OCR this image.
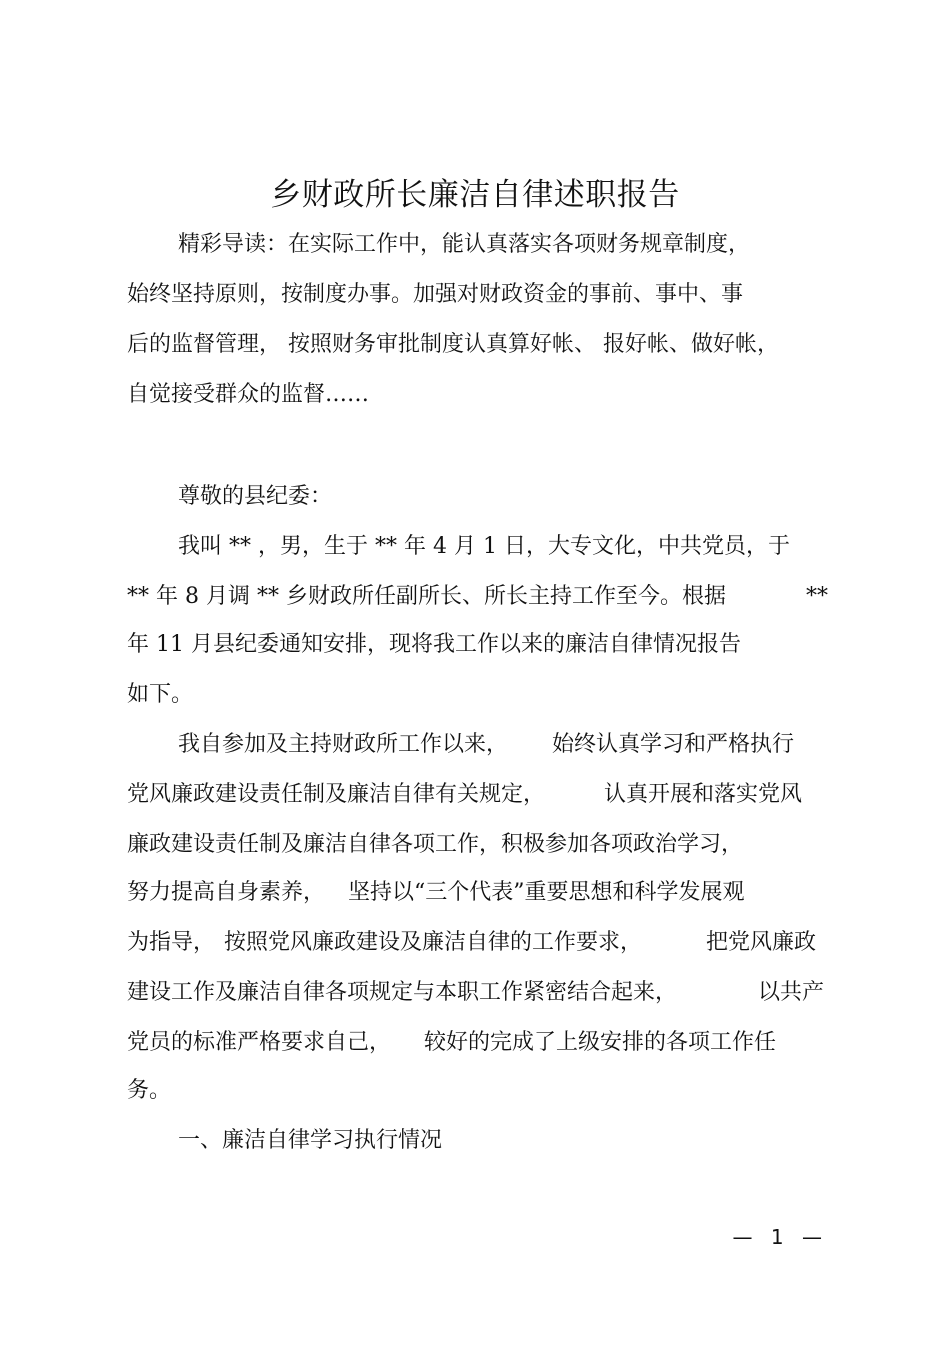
乡财政所长廉洁自律述职报告
精彩导读：在实际工作中，能认真落实各项财务规章制度，
始终坚持原则，按制度办事。加强对财政资金的事前、事中、事
后的监督管理， 按照财务审批制度认真算好帐、 报好帐、做好帐，
自觉接受群众的监督……
尊敬的县纪委：
我叫 ** ，男，生于 ** 年 4 月 1 日，大专文化，中共党员，于
** 年 8 月调 ** 乡财政所任副所长、所长主持工作至今。根据	**
年 11 月县纪委通知安排，现将我工作以来的廉洁自律情况报告
如下。
我自参加及主持财政所工作以来， 始终认真学习和严格执行
党风廉政建设责任制及廉洁自律有关规定，	认真开展和落实党风
廉政建设责任制及廉洁自律各项工作，积极参加各项政治学习，
努力提高自身素养， 坚持以“三个代表”重要思想和科学发展观
为指导， 按照党风廉政建设及廉洁自律的工作要求，	把党风廉政
建设工作及廉洁自律各项规定与本职工作紧密结合起来，	以共产
党员的标准严格要求自己， 较好的完成了上级安排的各项工作任
务。
一、廉洁自律学习执行情况
— 1 —
